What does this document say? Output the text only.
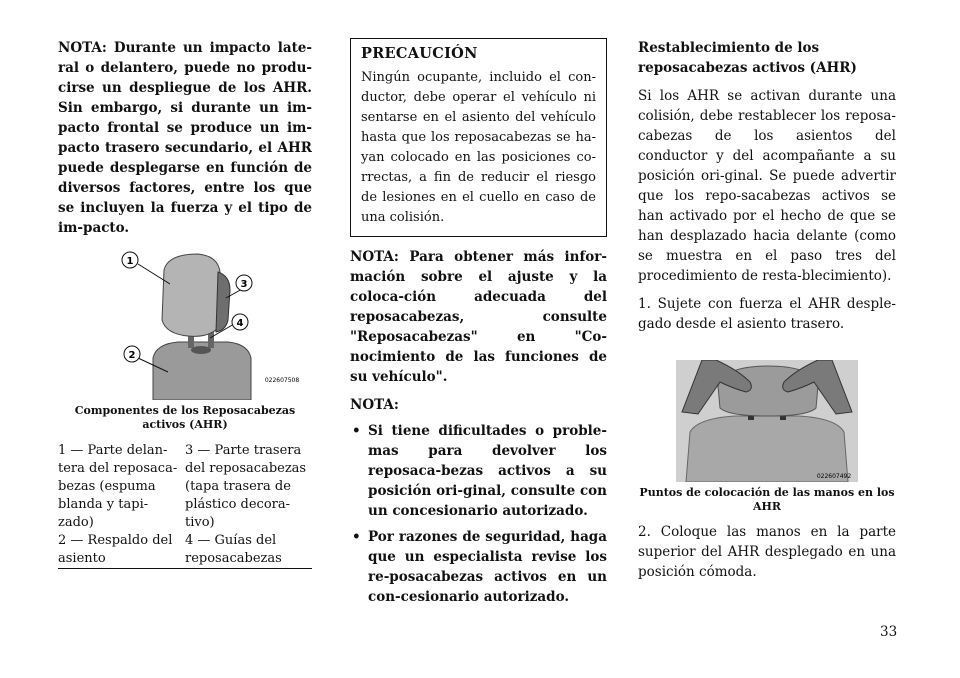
NOTA: Durante un impacto late-ral o delantero, puede no produ-cirse un despliegue de los AHR. Sin embargo, si durante un im-pacto frontal se produce un im-pacto trasero secundario, el AHR puede desplegarse en función de diversos factores, entre los que se incluyen la fuerza y el tipo de im-pacto.

1
3
4
2
022607508

Componentes de los Reposacabezas activos (AHR)

1 — Parte delan-tera del reposaca-bezas (espuma blanda y tapi-zado)	3 — Parte trasera del reposacabezas (tapa trasera de plástico decora-tivo)
2 — Respaldo del asiento	4 — Guías del reposacabezas
PRECAUCIÓN

Ningún ocupante, incluido el con-ductor, debe operar el vehículo ni sentarse en el asiento del vehículo hasta que los reposacabezas se ha-yan colocado en las posiciones co-rrectas, a fin de reducir el riesgo de lesiones en el cuello en caso de una colisión.

NOTA: Para obtener más infor-mación sobre el ajuste y la coloca-ción adecuada del reposacabezas, consulte "Reposacabezas" en "Co-nocimiento de las funciones de su vehículo".

NOTA:

• Si tiene dificultades o proble-mas para devolver los reposaca-bezas activos a su posición ori-ginal, consulte con un concesionario autorizado.
• Por razones de seguridad, haga que un especialista revise los re-posacabezas activos en un con-cesionario autorizado.

Restablecimiento de los reposacabezas activos (AHR)

Si los AHR se activan durante una colisión, debe restablecer los reposa-cabezas de los asientos del conductor y del acompañante a su posición ori-ginal. Se puede advertir que los repo-sacabezas activos se han activado por el hecho de que se han desplazado hacia delante (como se muestra en el paso tres del procedimiento de resta-blecimiento).

1. Sujete con fuerza el AHR desple-gado desde el asiento trasero.

022607492

Puntos de colocación de las manos en los AHR

2. Coloque las manos en la parte superior del AHR desplegado en una posición cómoda.

33
